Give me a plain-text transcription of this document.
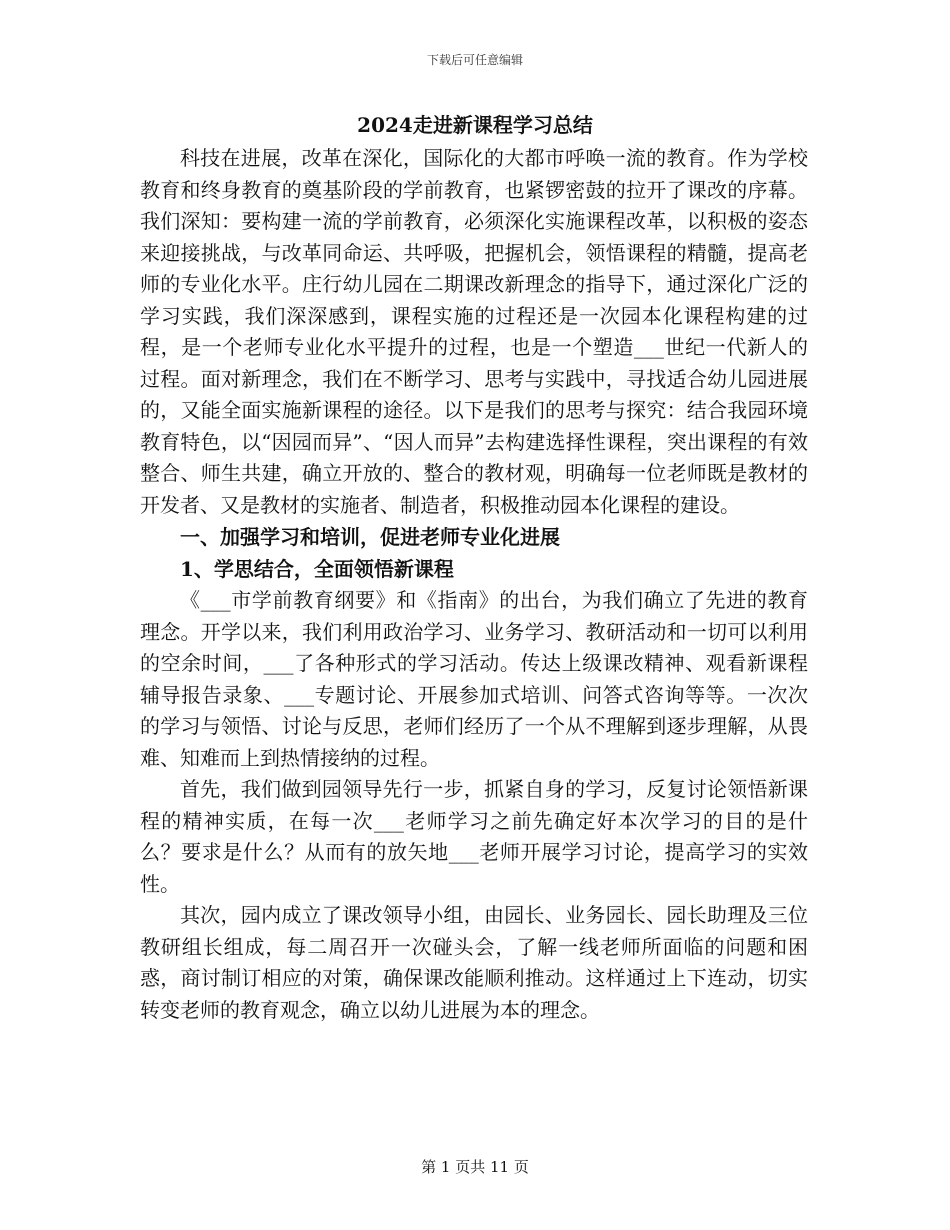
下载后可任意编辑
2024走进新课程学习总结

科技在进展，改革在深化，国际化的大都市呼唤一流的教育。作为学校教育和终身教育的奠基阶段的学前教育，也紧锣密鼓的拉开了课改的序幕。我们深知：要构建一流的学前教育，必须深化实施课程改革，以积极的姿态来迎接挑战，与改革同命运、共呼吸，把握机会，领悟课程的精髓，提高老师的专业化水平。庄行幼儿园在二期课改新理念的指导下，通过深化广泛的学习实践，我们深深感到，课程实施的过程还是一次园本化课程构建的过程，是一个老师专业化水平提升的过程，也是一个塑造___世纪一代新人的过程。面对新理念，我们在不断学习、思考与实践中，寻找适合幼儿园进展的，又能全面实施新课程的途径。以下是我们的思考与探究：结合我园环境教育特色，以“因园而异”、“因人而异”去构建选择性课程，突出课程的有效整合、师生共建，确立开放的、整合的教材观，明确每一位老师既是教材的开发者、又是教材的实施者、制造者，积极推动园本化课程的建设。

一、加强学习和培训，促进老师专业化进展

1、学思结合，全面领悟新课程

《___市学前教育纲要》和《指南》的出台，为我们确立了先进的教育理念。开学以来，我们利用政治学习、业务学习、教研活动和一切可以利用的空余时间，___了各种形式的学习活动。传达上级课改精神、观看新课程辅导报告录象、___专题讨论、开展参加式培训、问答式咨询等等。一次次的学习与领悟、讨论与反思，老师们经历了一个从不理解到逐步理解，从畏难、知难而上到热情接纳的过程。

首先，我们做到园领导先行一步，抓紧自身的学习，反复讨论领悟新课程的精神实质，在每一次___老师学习之前先确定好本次学习的目的是什么？要求是什么？从而有的放矢地___老师开展学习讨论，提高学习的实效性。

其次，园内成立了课改领导小组，由园长、业务园长、园长助理及三位教研组长组成，每二周召开一次碰头会，了解一线老师所面临的问题和困惑，商讨制订相应的对策，确保课改能顺利推动。这样通过上下连动，切实转变老师的教育观念，确立以幼儿进展为本的理念。

第 1 页共 11 页
